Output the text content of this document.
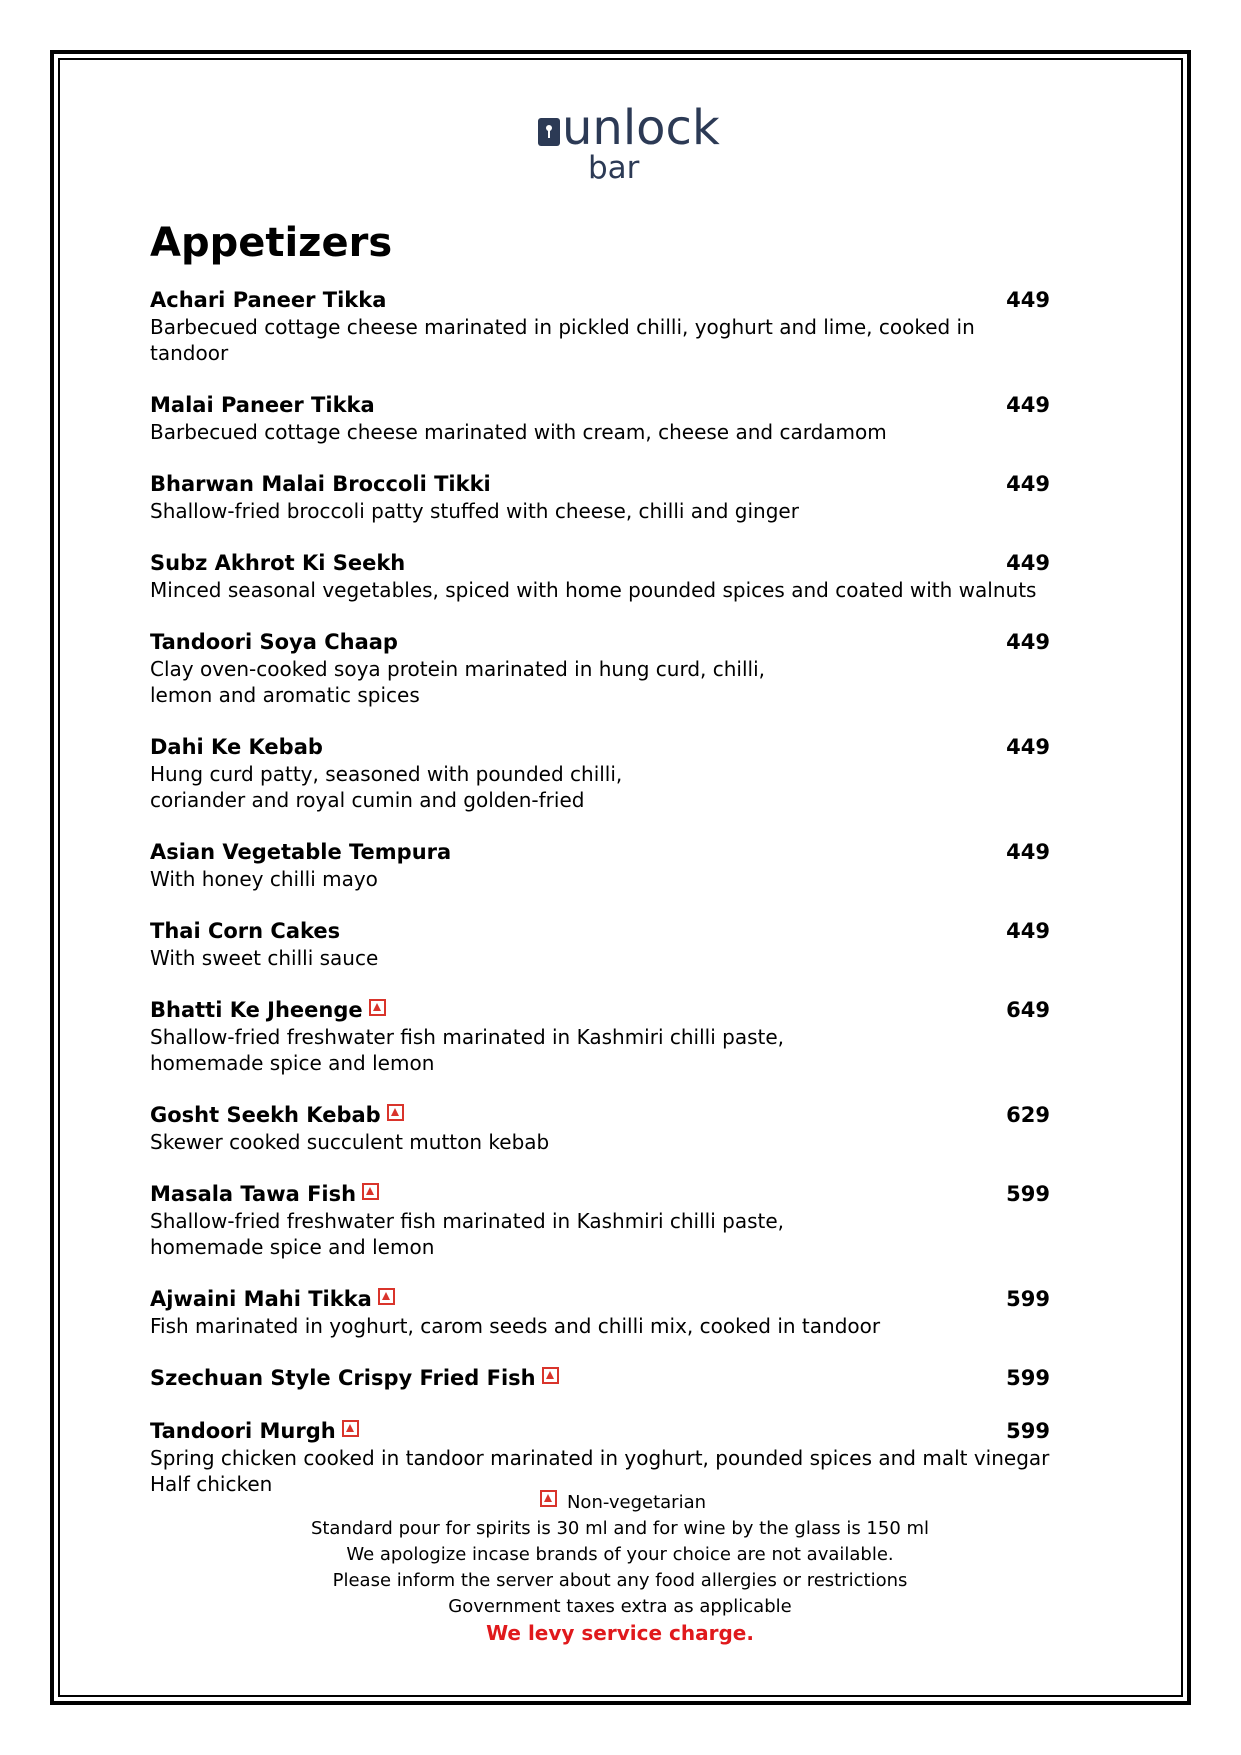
unlock
bar
Appetizers
Achari Paneer Tikka	449
Barbecued cottage cheese marinated in pickled chilli, yoghurt and lime, cooked in tandoor
Malai Paneer Tikka	449
Barbecued cottage cheese marinated with cream, cheese and cardamom
Bharwan Malai Broccoli Tikki	449
Shallow-fried broccoli patty stuffed with cheese, chilli and ginger
Subz Akhrot Ki Seekh	449
Minced seasonal vegetables, spiced with home pounded spices and coated with walnuts
Tandoori Soya Chaap	449
Clay oven-cooked soya protein marinated in hung curd, chilli,
lemon and aromatic spices
Dahi Ke Kebab	449
Hung curd patty, seasoned with pounded chilli,
coriander and royal cumin and golden-fried
Asian Vegetable Tempura	449
With honey chilli mayo
Thai Corn Cakes	449
With sweet chilli sauce
Bhatti Ke Jheenge	649
Shallow-fried freshwater fish marinated in Kashmiri chilli paste,
homemade spice and lemon
Gosht Seekh Kebab	629
Skewer cooked succulent mutton kebab
Masala Tawa Fish	599
Shallow-fried freshwater fish marinated in Kashmiri chilli paste,
homemade spice and lemon
Ajwaini Mahi Tikka	599
Fish marinated in yoghurt, carom seeds and chilli mix, cooked in tandoor
Szechuan Style Crispy Fried Fish	599
Tandoori Murgh	599
Spring chicken cooked in tandoor marinated in yoghurt, pounded spices and malt vinegar
Half chicken
Non-vegetarian
Standard pour for spirits is 30 ml and for wine by the glass is 150 ml
We apologize incase brands of your choice are not available.
Please inform the server about any food allergies or restrictions
Government taxes extra as applicable
We levy service charge.
